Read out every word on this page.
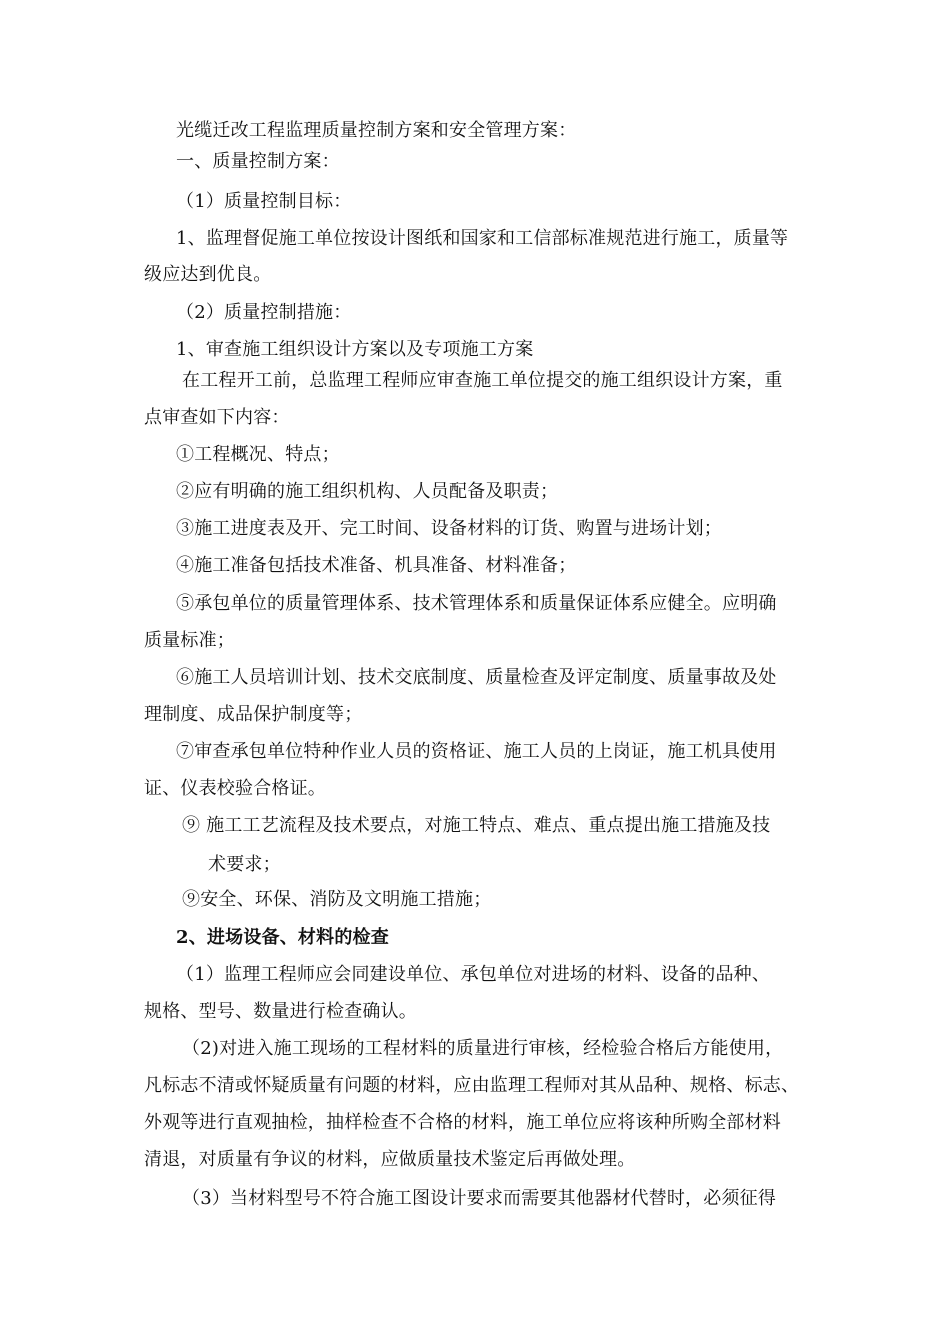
光缆迁改工程监理质量控制方案和安全管理方案：
一、质量控制方案：
（1）质量控制目标：
1、监理督促施工单位按设计图纸和国家和工信部标准规范进行施工，质量等
级应达到优良。
（2）质量控制措施：
1、审查施工组织设计方案以及专项施工方案
在工程开工前，总监理工程师应审查施工单位提交的施工组织设计方案，重
点审查如下内容：
①工程概况、特点；
②应有明确的施工组织机构、人员配备及职责；
③施工进度表及开、完工时间、设备材料的订货、购置与进场计划；
④施工准备包括技术准备、机具准备、材料准备；
⑤承包单位的质量管理体系、技术管理体系和质量保证体系应健全。应明确
质量标准；
⑥施工人员培训计划、技术交底制度、质量检查及评定制度、质量事故及处
理制度、成品保护制度等；
⑦审查承包单位特种作业人员的资格证、施工人员的上岗证，施工机具使用
证、仪表校验合格证。
⑨ 施工工艺流程及技术要点，对施工特点、难点、重点提出施工措施及技
术要求；
⑨安全、环保、消防及文明施工措施；
2、进场设备、材料的检查
（1）监理工程师应会同建设单位、承包单位对进场的材料、设备的品种、
规格、型号、数量进行检查确认。
（2)对进入施工现场的工程材料的质量进行审核，经检验合格后方能使用，
凡标志不清或怀疑质量有问题的材料，应由监理工程师对其从品种、规格、标志、
外观等进行直观抽检，抽样检查不合格的材料，施工单位应将该种所购全部材料
清退，对质量有争议的材料，应做质量技术鉴定后再做处理。
（3）当材料型号不符合施工图设计要求而需要其他器材代替时，必须征得
